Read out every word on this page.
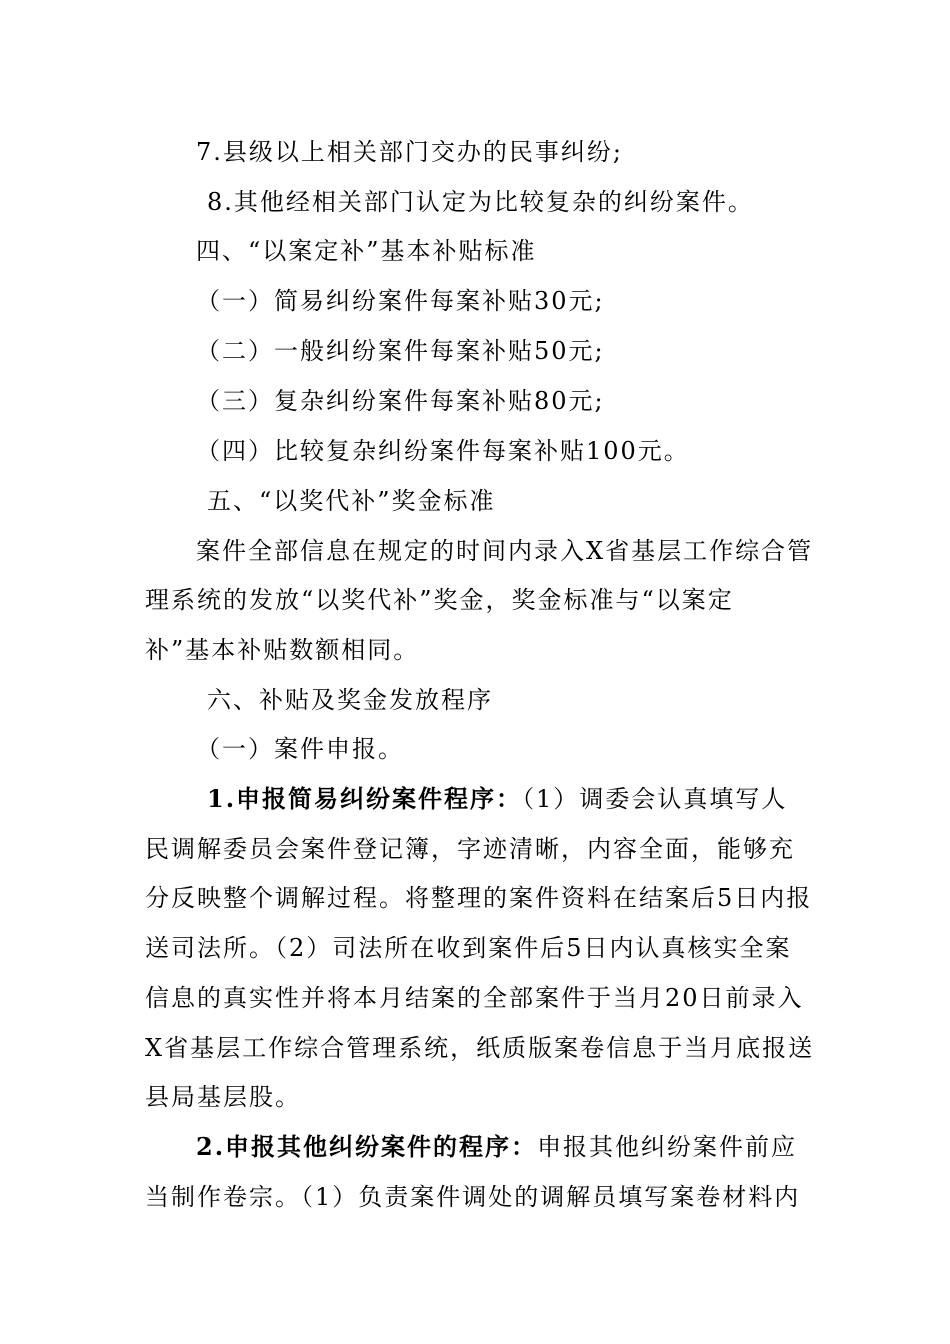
7.县级以上相关部门交办的民事纠纷;
8.其他经相关部门认定为比较复杂的纠纷案件。
四、“以案定补”基本补贴标准
（一）简易纠纷案件每案补贴30元;
（二）一般纠纷案件每案补贴50元;
（三）复杂纠纷案件每案补贴80元;
（四）比较复杂纠纷案件每案补贴100元。
五、“以奖代补”奖金标准
案件全部信息在规定的时间内录入X省基层工作综合管
理系统的发放“以奖代补”奖金，奖金标准与“以案定
补”基本补贴数额相同。
六、补贴及奖金发放程序
（一）案件申报。
1.申报简易纠纷案件程序：（1）调委会认真填写人
民调解委员会案件登记簿，字迹清晰，内容全面，能够充
分反映整个调解过程。将整理的案件资料在结案后5日内报
送司法所。（2）司法所在收到案件后5日内认真核实全案
信息的真实性并将本月结案的全部案件于当月20日前录入
X省基层工作综合管理系统，纸质版案卷信息于当月底报送
县局基层股。
2.申报其他纠纷案件的程序：申报其他纠纷案件前应
当制作卷宗。（1）负责案件调处的调解员填写案卷材料内
